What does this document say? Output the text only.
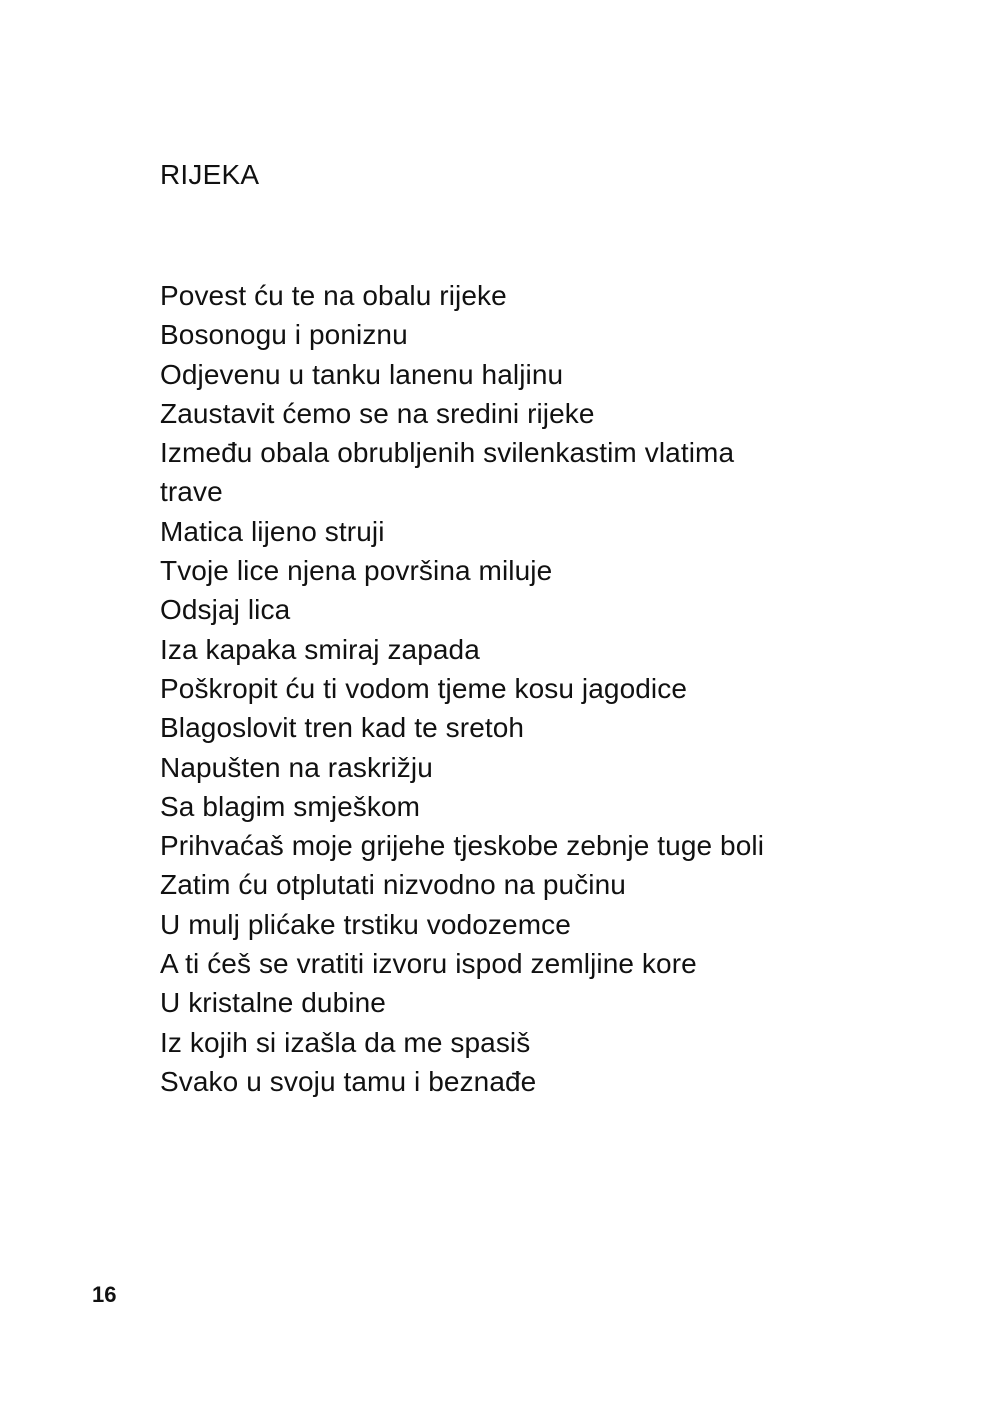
RIJEKA
Povest ću te na obalu rijeke
Bosonogu i poniznu
Odjevenu u tanku lanenu haljinu
Zaustavit ćemo se na sredini rijeke
Između obala obrubljenih svilenkastim vlatima
trave
Matica lijeno struji
Tvoje lice njena površina miluje
Odsjaj lica
Iza kapaka smiraj zapada
Poškropit ću ti vodom tjeme kosu jagodice
Blagoslovit tren kad te sretoh
Napušten na raskrižju
Sa blagim smješkom
Prihvaćaš moje grijehe tjeskobe zebnje tuge boli
Zatim ću otplutati nizvodno na pučinu
U mulj plićake trstiku vodozemce
A ti ćeš se vratiti izvoru ispod zemljine kore
U kristalne dubine
Iz kojih si izašla da me spasiš
Svako u svoju tamu i beznađe
16
